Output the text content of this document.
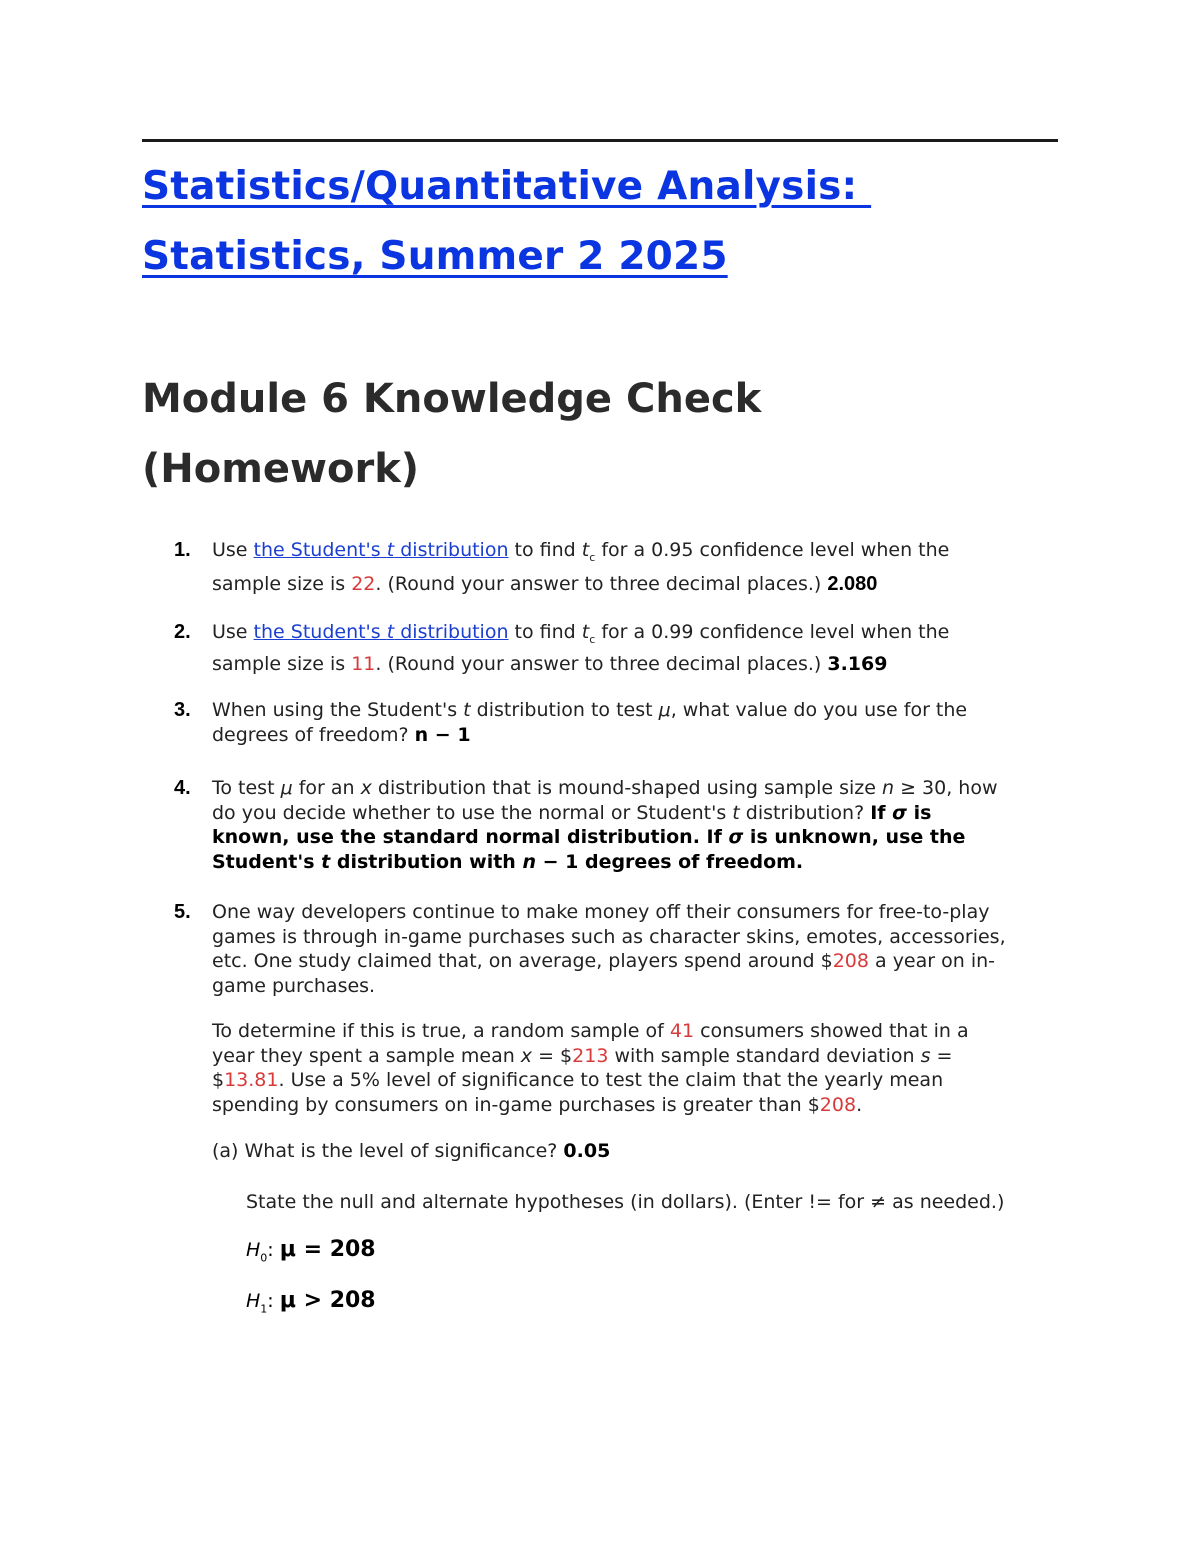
Statistics/Quantitative Analysis:
Statistics, Summer 2 2025
Module 6 Knowledge Check
(Homework)
1. Use the Student's t distribution to find $t_c$ for a 0.95 confidence level when the
sample size is 22. (Round your answer to three decimal places.) 2.080
2. Use the Student's t distribution to find $t_c$ for a 0.99 confidence level when the
sample size is 11. (Round your answer to three decimal places.) 3.169
3. When using the Student's t distribution to test μ, what value do you use for the
degrees of freedom? n − 1
4. To test μ for an x distribution that is mound-shaped using sample size n ≥ 30, how
do you decide whether to use the normal or Student's t distribution? If σ is
known, use the standard normal distribution. If σ is unknown, use the
Student's t distribution with n − 1 degrees of freedom.
5. One way developers continue to make money off their consumers for free-to-play
games is through in-game purchases such as character skins, emotes, accessories,
etc. One study claimed that, on average, players spend around $208 a year on in-
game purchases.
To determine if this is true, a random sample of 41 consumers showed that in a
year they spent a sample mean x = $213 with sample standard deviation s =
$13.81. Use a 5% level of significance to test the claim that the yearly mean
spending by consumers on in-game purchases is greater than $208.
(a) What is the level of significance? 0.05
State the null and alternate hypotheses (in dollars). (Enter != for ≠ as needed.)
$H_0$: μ = 208
$H_1$: μ > 208
